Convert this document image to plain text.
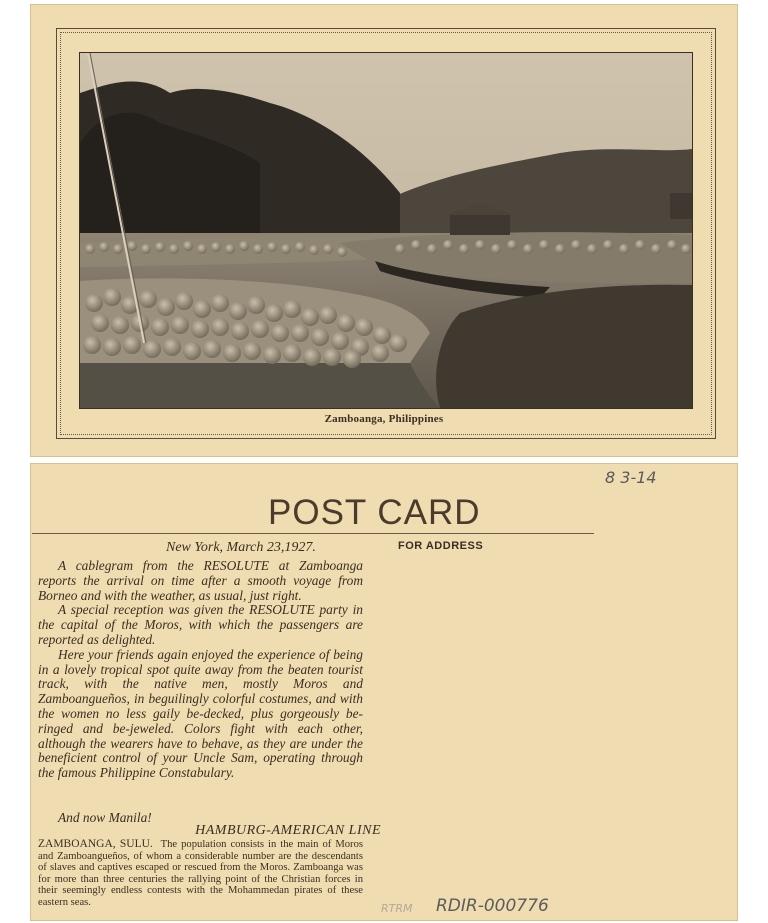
Zamboanga, Philippines
POST CARD
FOR ADDRESS
New York, March 23,1927.

A cablegram from the RESOLUTE at Zamboanga reports the arrival on time after a smooth voyage from Borneo and with the weather, as usual, just right.

A special reception was given the RESOLUTE party in the capital of the Moros, with which the passengers are reported as delighted.

Here your friends again enjoyed the experience of being in a lovely tropical spot quite away from the beaten tourist track, with the native men, mostly Moros and Zamboangueños, in beguilingly colorful costumes, and with the women no less gaily be-decked, plus gorgeously be-ringed and be-jeweled. Colors fight with each other, although the wearers have to behave, as they are under the beneficient control of your Uncle Sam, operating through the famous Philippine Constabulary.

And now Manila!
HAMBURG-AMERICAN LINE
ZAMBOANGA, SULU. The population consists in the main of Moros and Zamboangueños, of whom a considerable number are the descendants of slaves and captives escaped or rescued from the Moros. Zamboanga was for more than three centuries the rallying point of the Christian forces in their seemingly endless contests with the Mohammedan pirates of these eastern seas.
8 3-14
RTRM RDIR-000776
